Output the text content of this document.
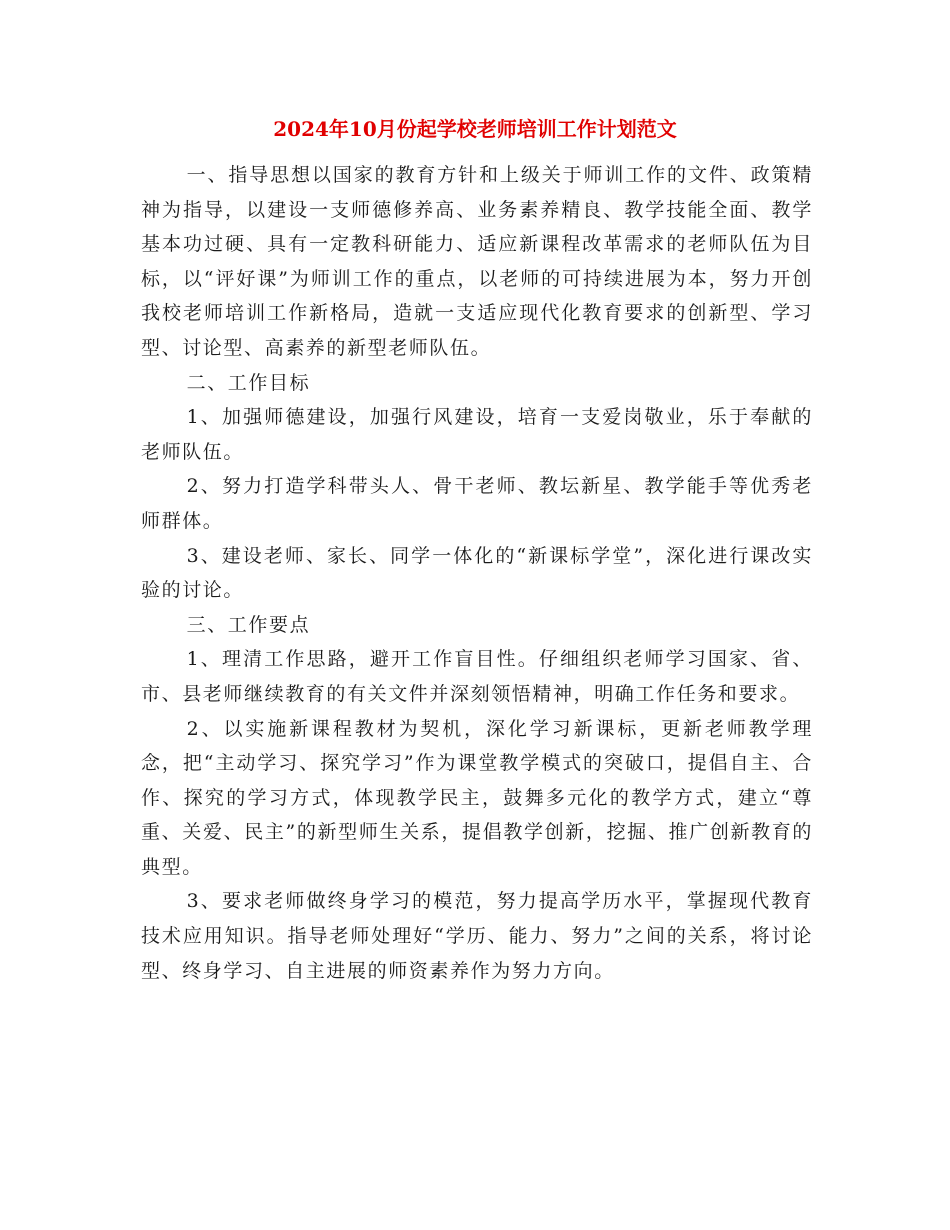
2024年10月份起学校老师培训工作计划范文

一、指导思想以国家的教育方针和上级关于师训工作的文件、政策精神为指导，以建设一支师德修养高、业务素养精良、教学技能全面、教学基本功过硬、具有一定教科研能力、适应新课程改革需求的老师队伍为目标，以“评好课”为师训工作的重点，以老师的可持续进展为本，努力开创我校老师培训工作新格局，造就一支适应现代化教育要求的创新型、学习型、讨论型、高素养的新型老师队伍。

二、工作目标

1、加强师德建设，加强行风建设，培育一支爱岗敬业，乐于奉献的老师队伍。

2、努力打造学科带头人、骨干老师、教坛新星、教学能手等优秀老师群体。

3、建设老师、家长、同学一体化的“新课标学堂”，深化进行课改实验的讨论。

三、工作要点

1、理清工作思路，避开工作盲目性。仔细组织老师学习国家、省、市、县老师继续教育的有关文件并深刻领悟精神，明确工作任务和要求。

2、以实施新课程教材为契机，深化学习新课标，更新老师教学理念，把“主动学习、探究学习”作为课堂教学模式的突破口，提倡自主、合作、探究的学习方式，体现教学民主，鼓舞多元化的教学方式，建立“尊重、关爱、民主”的新型师生关系，提倡教学创新，挖掘、推广创新教育的典型。

3、要求老师做终身学习的模范，努力提高学历水平，掌握现代教育技术应用知识。指导老师处理好“学历、能力、努力”之间的关系，将讨论型、终身学习、自主进展的师资素养作为努力方向。
